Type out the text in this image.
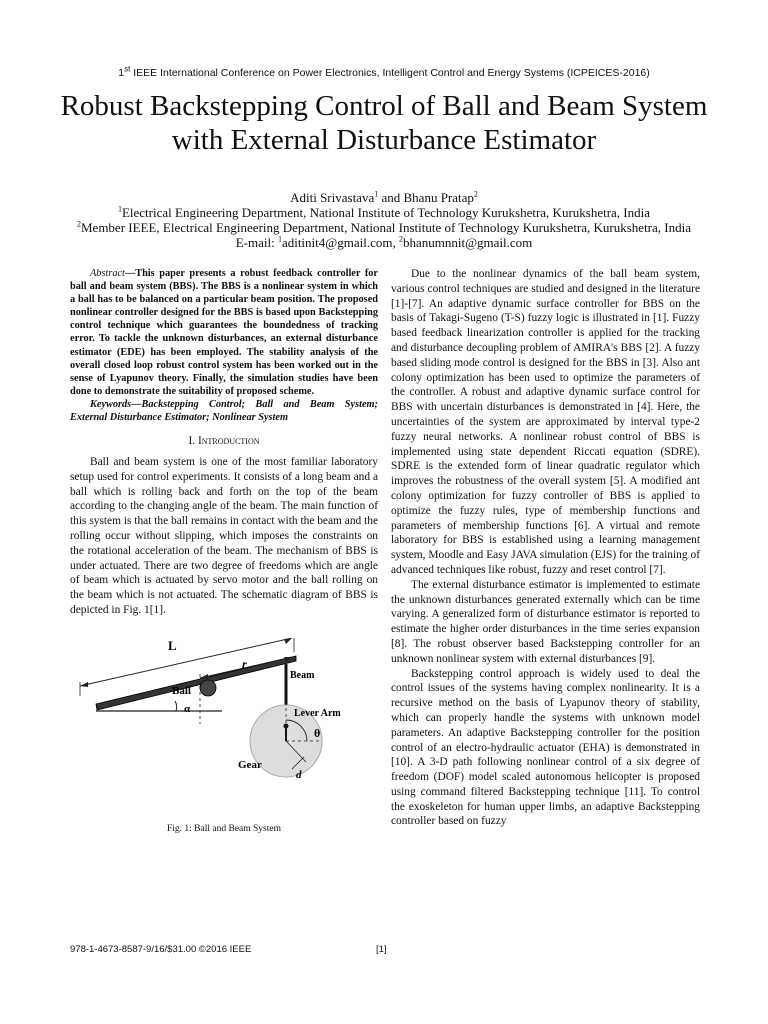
1st IEEE International Conference on Power Electronics, Intelligent Control and Energy Systems (ICPEICES-2016)
Robust Backstepping Control of Ball and Beam System with External Disturbance Estimator
Aditi Srivastava$^1$ and Bhanu Pratap$^2$
$^1$Electrical Engineering Department, National Institute of Technology Kurukshetra, Kurukshetra, India
$^2$Member IEEE, Electrical Engineering Department, National Institute of Technology Kurukshetra, Kurukshetra, India
E-mail: $^1$aditinit4@gmail.com, $^2$bhanumnnit@gmail.com

Abstract—This paper presents a robust feedback controller for ball and beam system (BBS). The BBS is a nonlinear system in which a ball has to be balanced on a particular beam position. The proposed nonlinear controller designed for the BBS is based upon Backstepping control technique which guarantees the boundedness of tracking error. To tackle the unknown disturbances, an external disturbance estimator (EDE) has been employed. The stability analysis of the overall closed loop robust control system has been worked out in the sense of Lyapunov theory. Finally, the simulation studies have been done to demonstrate the suitability of proposed scheme.

Keywords—Backstepping Control; Ball and Beam System; External Disturbance Estimator; Nonlinear System

I. Introduction

Ball and beam system is one of the most familiar laboratory setup used for control experiments. It consists of a long beam and a ball which is rolling back and forth on the top of the beam according to the changing angle of the beam. The main function of this system is that the ball remains in contact with the beam and the rolling occur without slipping, which imposes the constraints on the rotational acceleration of the beam. The mechanism of BBS is under actuated. There are two degree of freedoms which are angle of beam which is actuated by servo motor and the ball rolling on the beam which is not actuated. The schematic diagram of BBS is depicted in Fig. 1[1].

L
r
Beam
Ball
Lever Arm
θ
α
Gear
d
Fig. 1: Ball and Beam System

Due to the nonlinear dynamics of the ball beam system, various control techniques are studied and designed in the literature [1]-[7]. An adaptive dynamic surface controller for BBS on the basis of Takagi-Sugeno (T-S) fuzzy logic is illustrated in [1]. Fuzzy based feedback linearization controller is applied for the tracking and disturbance decoupling problem of AMIRA's BBS [2]. A fuzzy based sliding mode control is designed for the BBS in [3]. Also ant colony optimization has been used to optimize the parameters of the controller. A robust and adaptive dynamic surface control for BBS with uncertain disturbances is demonstrated in [4]. Here, the uncertainties of the system are approximated by interval type-2 fuzzy neural networks. A nonlinear robust control of BBS is implemented using state dependent Riccati equation (SDRE). SDRE is the extended form of linear quadratic regulator which improves the robustness of the overall system [5]. A modified ant colony optimization for fuzzy controller of BBS is applied to optimize the fuzzy rules, type of membership functions and parameters of membership functions [6]. A virtual and remote laboratory for BBS is established using a learning management system, Moodle and Easy JAVA simulation (EJS) for the training of advanced techniques like robust, fuzzy and reset control [7].

The external disturbance estimator is implemented to estimate the unknown disturbances generated externally which can be time varying. A generalized form of disturbance estimator is reported to estimate the higher order disturbances in the time series expansion [8]. The robust observer based Backstepping controller for an unknown nonlinear system with external disturbances [9].

Backstepping control approach is widely used to deal the control issues of the systems having complex nonlinearity. It is a recursive method on the basis of Lyapunov theory of stability, which can properly handle the systems with unknown model parameters. An adaptive Backstepping controller for the position control of an electro-hydraulic actuator (EHA) is demonstrated in [10]. A 3-D path following nonlinear control of a six degree of freedom (DOF) model scaled autonomous helicopter is proposed using command filtered Backstepping technique [11]. To control the exoskeleton for human upper limbs, an adaptive Backstepping controller based on fuzzy

978-1-4673-8587-9/16/$31.00 ©2016 IEEE	[1]
